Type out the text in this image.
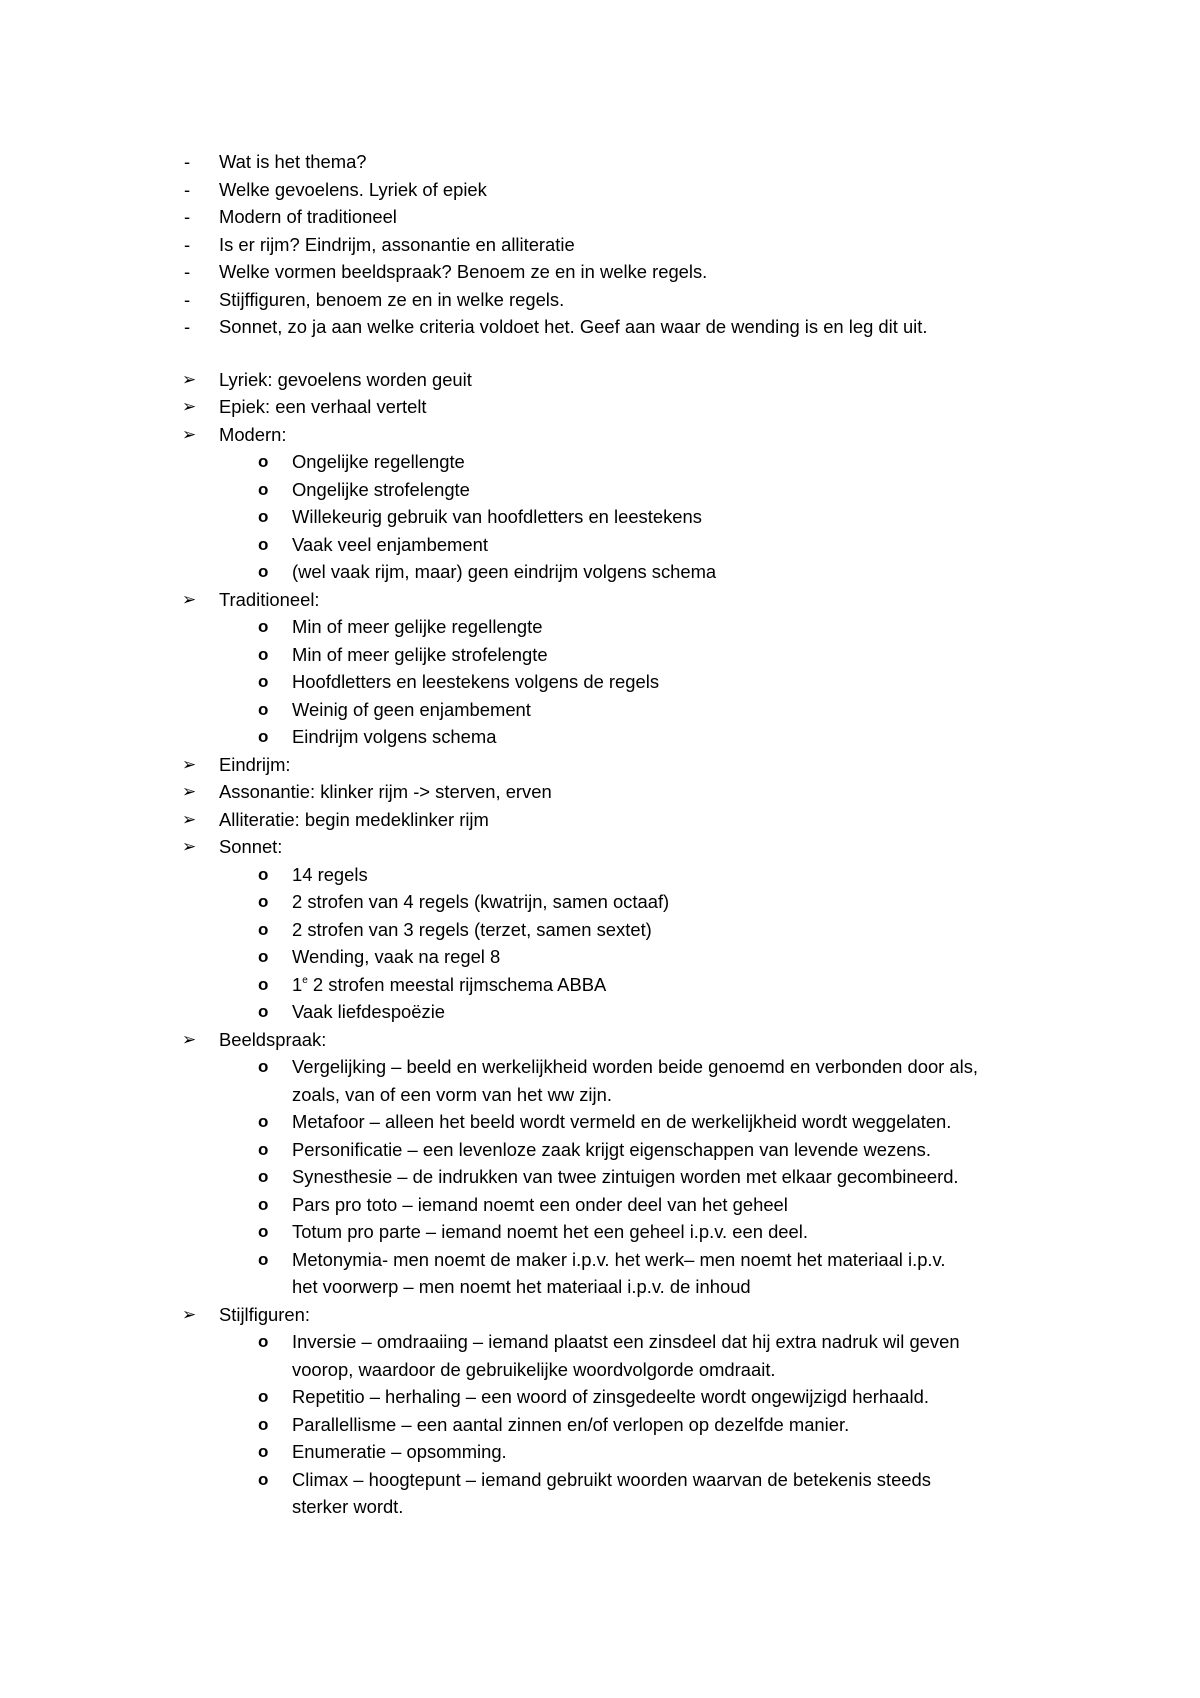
- Wat is het thema?
- Welke gevoelens. Lyriek of epiek
- Modern of traditioneel
- Is er rijm? Eindrijm, assonantie en alliteratie
- Welke vormen beeldspraak? Benoem ze en in welke regels.
- Stijffiguren, benoem ze en in welke regels.
- Sonnet, zo ja aan welke criteria voldoet het. Geef aan waar de wending is en leg dit uit.
➢ Lyriek: gevoelens worden geuit
➢ Epiek: een verhaal vertelt
➢ Modern:
o Ongelijke regellengte
o Ongelijke strofelengte
o Willekeurig gebruik van hoofdletters en leestekens
o Vaak veel enjambement
o (wel vaak rijm, maar) geen eindrijm volgens schema
➢ Traditioneel:
o Min of meer gelijke regellengte
o Min of meer gelijke strofelengte
o Hoofdletters en leestekens volgens de regels
o Weinig of geen enjambement
o Eindrijm volgens schema
➢ Eindrijm:
➢ Assonantie: klinker rijm -> sterven, erven
➢ Alliteratie: begin medeklinker rijm
➢ Sonnet:
o 14 regels
o 2 strofen van 4 regels (kwatrijn, samen octaaf)
o 2 strofen van 3 regels (terzet, samen sextet)
o Wending, vaak na regel 8
o 1e 2 strofen meestal rijmschema ABBA
o Vaak liefdespoëzie
➢ Beeldspraak:
o Vergelijking – beeld en werkelijkheid worden beide genoemd en verbonden door als,
zoals, van of een vorm van het ww zijn.
o Metafoor – alleen het beeld wordt vermeld en de werkelijkheid wordt weggelaten.
o Personificatie – een levenloze zaak krijgt eigenschappen van levende wezens.
o Synesthesie – de indrukken van twee zintuigen worden met elkaar gecombineerd.
o Pars pro toto – iemand noemt een onder deel van het geheel
o Totum pro parte – iemand noemt het een geheel i.p.v. een deel.
o Metonymia- men noemt de maker i.p.v. het werk– men noemt het materiaal i.p.v.
het voorwerp – men noemt het materiaal i.p.v. de inhoud
➢ Stijlfiguren:
o Inversie – omdraaiing – iemand plaatst een zinsdeel dat hij extra nadruk wil geven
voorop, waardoor de gebruikelijke woordvolgorde omdraait.
o Repetitio – herhaling – een woord of zinsgedeelte wordt ongewijzigd herhaald.
o Parallellisme – een aantal zinnen en/of verlopen op dezelfde manier.
o Enumeratie – opsomming.
o Climax – hoogtepunt – iemand gebruikt woorden waarvan de betekenis steeds
sterker wordt.
